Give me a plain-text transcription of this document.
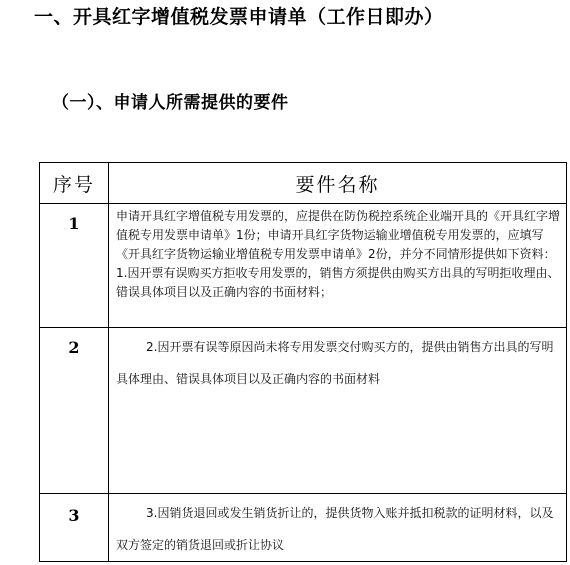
一、开具红字增值税发票申请单（工作日即办）
（一）、申请人所需提供的要件
序号	要件名称

1	申请开具红字增值税专用发票的，应提供在防伪税控系统企业端开具的《开具红字增值税专用发票申请单》1份；申请开具红字货物运输业增值税专用发票的，应填写《开具红字货物运输业增值税专用发票申请单》2份，并分不同情形提供如下资料：1.因开票有误购买方拒收专用发票的，销售方须提供由购买方出具的写明拒收理由、错误具体项目以及正确内容的书面材料；

2	2.因开票有误等原因尚未将专用发票交付购买方的，提供由销售方出具的写明具体理由、错误具体项目以及正确内容的书面材料

3	3.因销货退回或发生销货折让的，提供货物入账并抵扣税款的证明材料，以及双方签定的销货退回或折让协议
